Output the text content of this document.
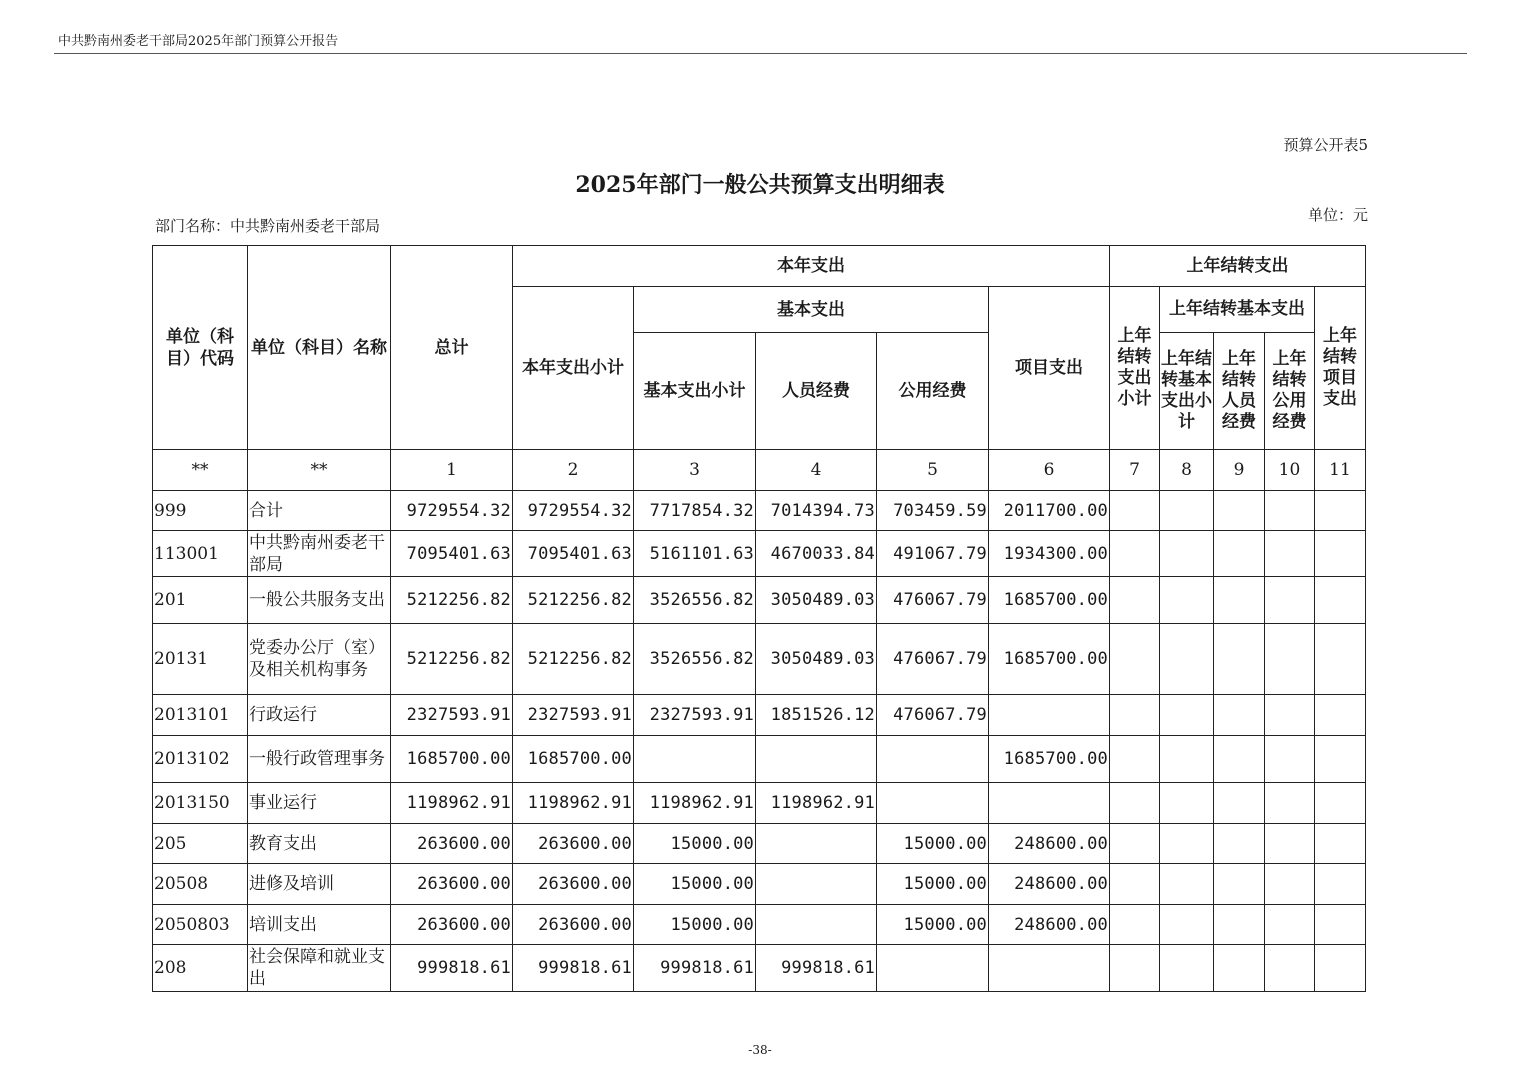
中共黔南州委老干部局2025年部门预算公开报告
预算公开表5
2025年部门一般公共预算支出明细表
部门名称：中共黔南州委老干部局
单位：元
单位（科目）代码	单位（科目）名称	总计	本年支出					上年结转支出				
			本年支出小计	基本支出			项目支出	上年结转支出小计	上年结转基本支出			上年结转项目支出
				基本支出小计	人员经费	公用经费			上年结转基本支出小计	上年结转人员经费	上年结转公用经费	
**	**	1	2	3	4	5	6	7	8	9	10	11
999	合计	9729554.32	9729554.32	7717854.32	7014394.73	703459.59	2011700.00					
113001	中共黔南州委老干部局	7095401.63	7095401.63	5161101.63	4670033.84	491067.79	1934300.00					
201	一般公共服务支出	5212256.82	5212256.82	3526556.82	3050489.03	476067.79	1685700.00					
20131	党委办公厅（室）及相关机构事务	5212256.82	5212256.82	3526556.82	3050489.03	476067.79	1685700.00					
2013101	行政运行	2327593.91	2327593.91	2327593.91	1851526.12	476067.79						
2013102	一般行政管理事务	1685700.00	1685700.00				1685700.00					
2013150	事业运行	1198962.91	1198962.91	1198962.91	1198962.91							
205	教育支出	263600.00	263600.00	15000.00		15000.00	248600.00					
20508	进修及培训	263600.00	263600.00	15000.00		15000.00	248600.00					
2050803	培训支出	263600.00	263600.00	15000.00		15000.00	248600.00					
208	社会保障和就业支出	999818.61	999818.61	999818.61	999818.61							
-38-
